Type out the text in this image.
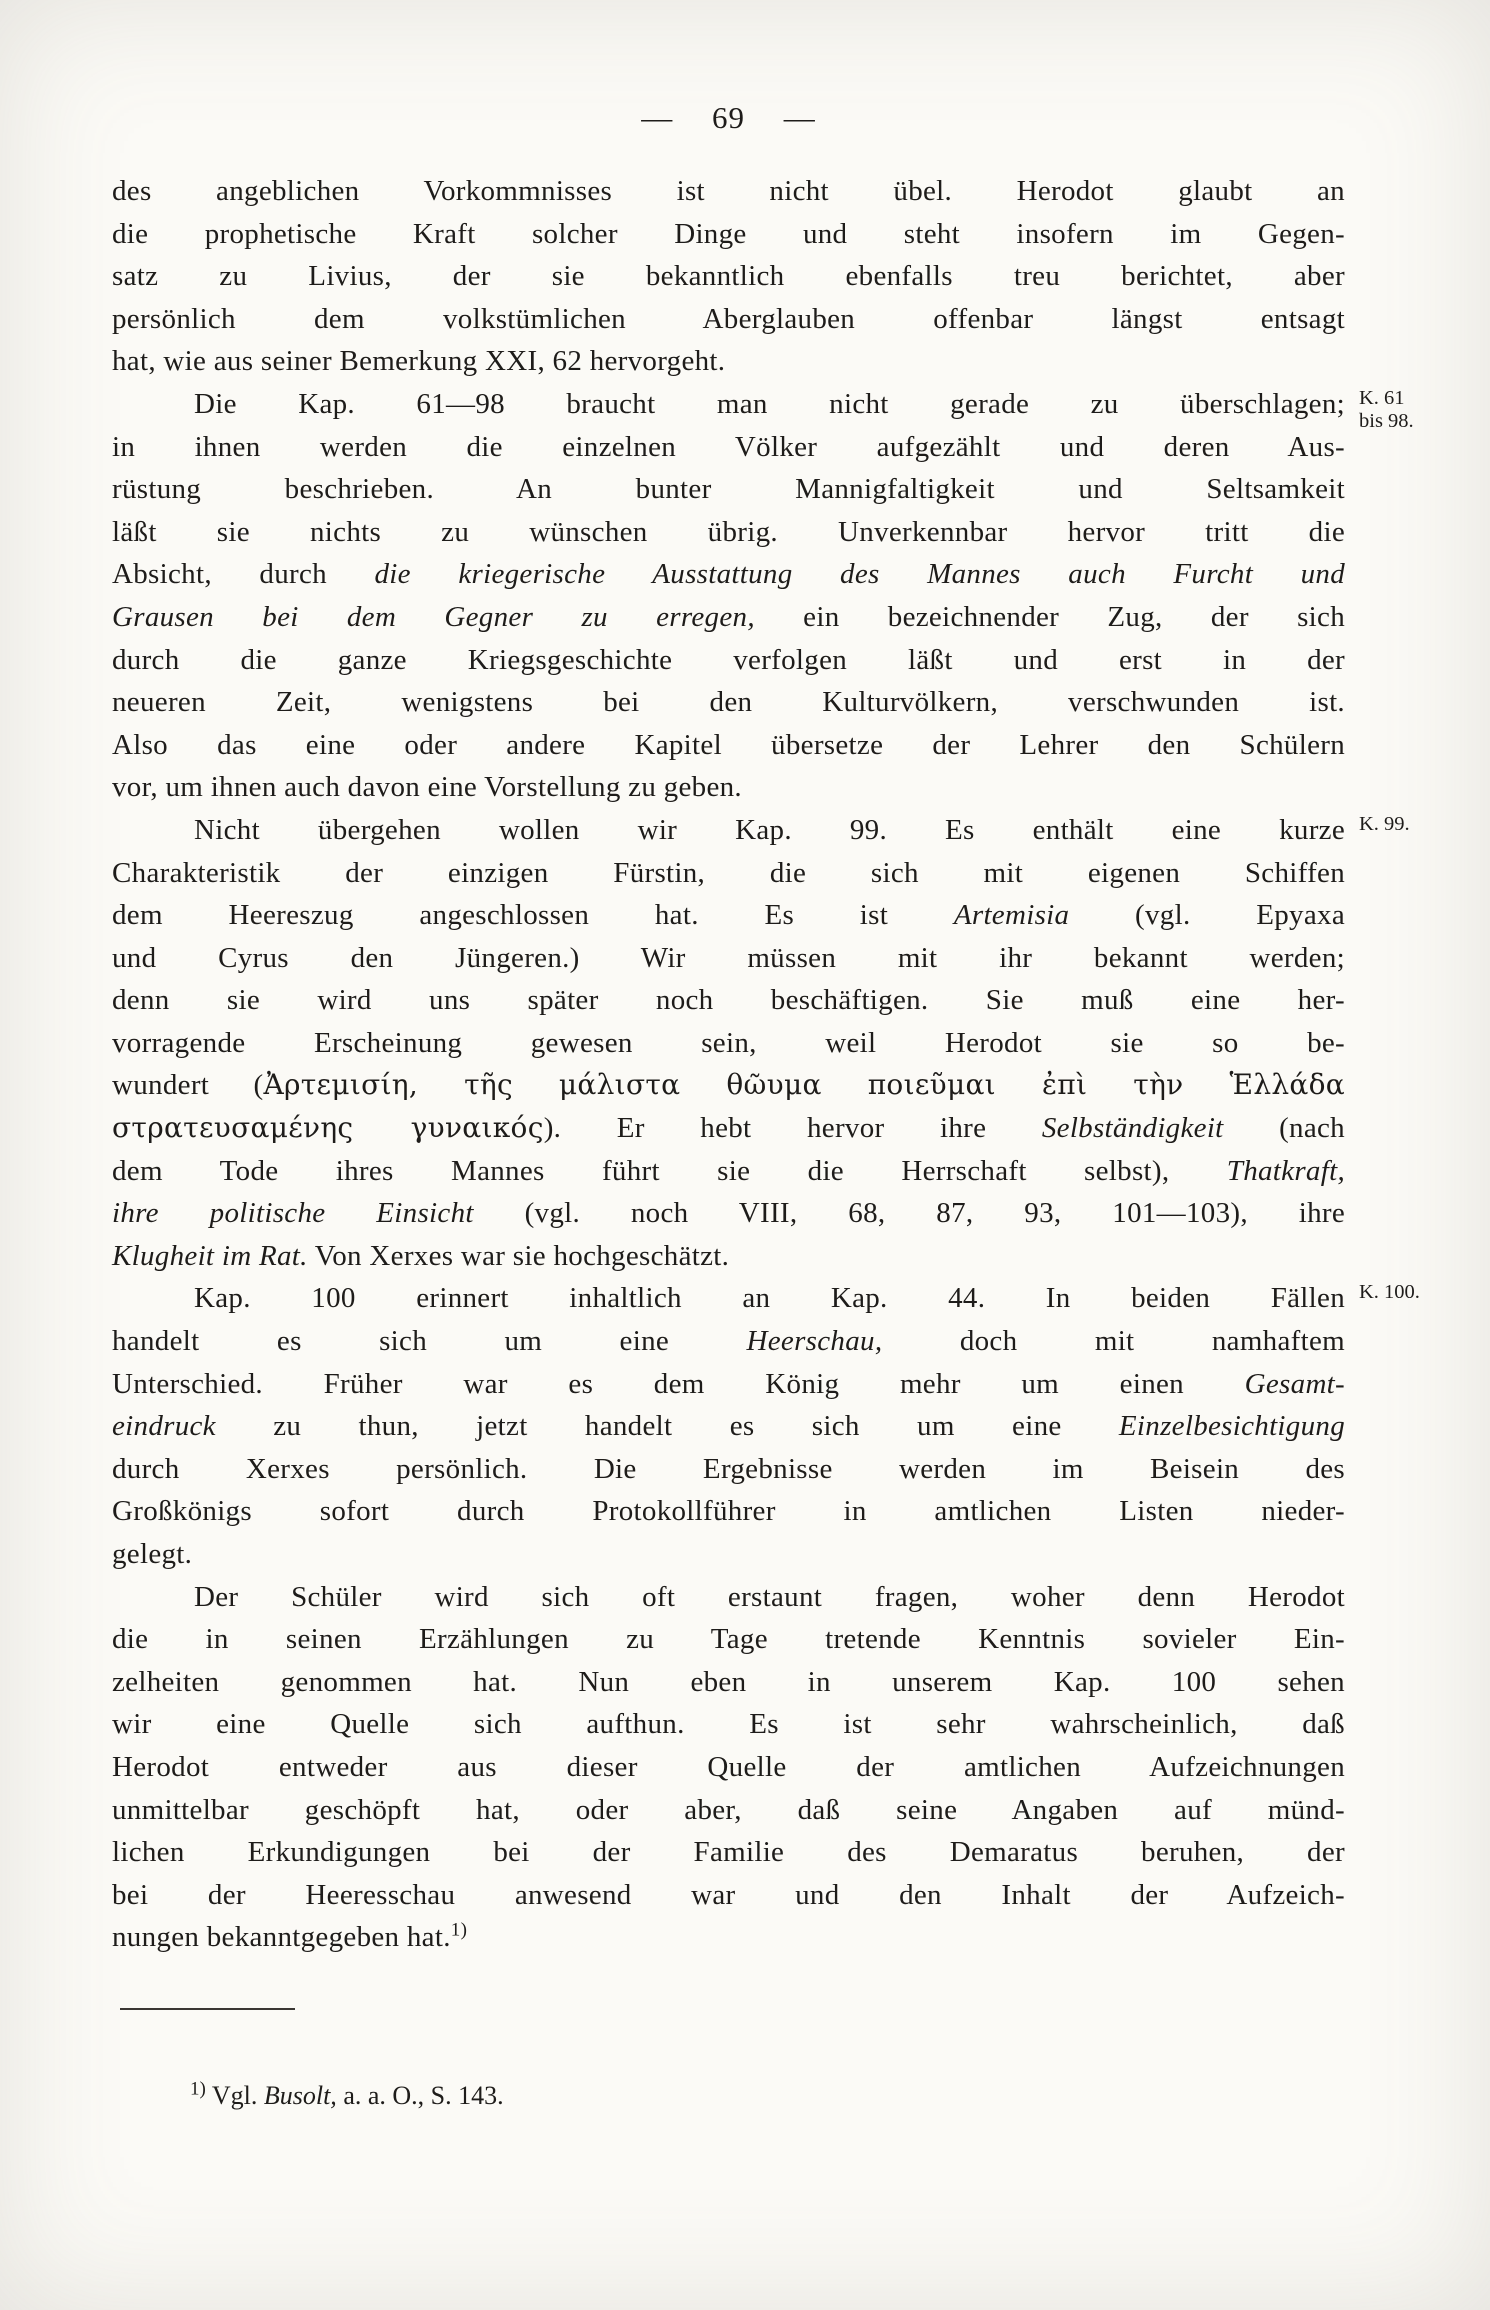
— 69 —
des angeblichen Vorkommnisses ist nicht übel. Herodot glaubt an
die prophetische Kraft solcher Dinge und steht insofern im Gegen-
satz zu Livius, der sie bekanntlich ebenfalls treu berichtet, aber
persönlich dem volkstümlichen Aberglauben offenbar längst entsagt
hat, wie aus seiner Bemerkung XXI, 62 hervorgeht.
Die Kap. 61—98 braucht man nicht gerade zu überschlagen; K. 61
bis 98.
in ihnen werden die einzelnen Völker aufgezählt und deren Aus-
rüstung beschrieben. An bunter Mannigfaltigkeit und Seltsamkeit
läßt sie nichts zu wünschen übrig. Unverkennbar hervor tritt die
Absicht, durch die kriegerische Ausstattung des Mannes auch Furcht und
Grausen bei dem Gegner zu erregen, ein bezeichnender Zug, der sich
durch die ganze Kriegsgeschichte verfolgen läßt und erst in der
neueren Zeit, wenigstens bei den Kulturvölkern, verschwunden ist.
Also das eine oder andere Kapitel übersetze der Lehrer den Schülern
vor, um ihnen auch davon eine Vorstellung zu geben.
Nicht übergehen wollen wir Kap. 99. Es enthält eine kurze K. 99.
Charakteristik der einzigen Fürstin, die sich mit eigenen Schiffen
dem Heereszug angeschlossen hat. Es ist Artemisia (vgl. Epyaxa
und Cyrus den Jüngeren.) Wir müssen mit ihr bekannt werden;
denn sie wird uns später noch beschäftigen. Sie muß eine her-
vorragende Erscheinung gewesen sein, weil Herodot sie so be-
wundert (Ἀρτεμισίη, τῆς μάλιστα θῶυμα ποιεῦμαι ἐπὶ τὴν Ἑλλάδα
στρατευσαμένης γυναικός). Er hebt hervor ihre Selbständigkeit (nach
dem Tode ihres Mannes führt sie die Herrschaft selbst), Thatkraft,
ihre politische Einsicht (vgl. noch VIII, 68, 87, 93, 101—103), ihre
Klugheit im Rat. Von Xerxes war sie hochgeschätzt.
Kap. 100 erinnert inhaltlich an Kap. 44. In beiden Fällen K. 100.
handelt es sich um eine Heerschau, doch mit namhaftem
Unterschied. Früher war es dem König mehr um einen Gesamt-
eindruck zu thun, jetzt handelt es sich um eine Einzelbesichtigung
durch Xerxes persönlich. Die Ergebnisse werden im Beisein des
Großkönigs sofort durch Protokollführer in amtlichen Listen nieder-
gelegt.
Der Schüler wird sich oft erstaunt fragen, woher denn Herodot
die in seinen Erzählungen zu Tage tretende Kenntnis sovieler Ein-
zelheiten genommen hat. Nun eben in unserem Kap. 100 sehen
wir eine Quelle sich aufthun. Es ist sehr wahrscheinlich, daß
Herodot entweder aus dieser Quelle der amtlichen Aufzeichnungen
unmittelbar geschöpft hat, oder aber, daß seine Angaben auf münd-
lichen Erkundigungen bei der Familie des Demaratus beruhen, der
bei der Heeresschau anwesend war und den Inhalt der Aufzeich-
nungen bekanntgegeben hat.$^{1)}$
$^{1)}$ Vgl. Busolt, a. a. O., S. 143.
